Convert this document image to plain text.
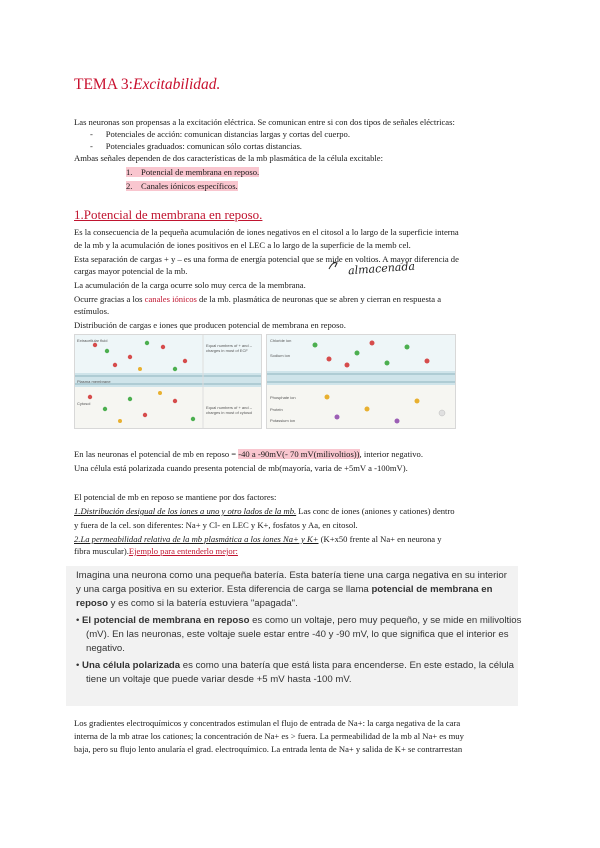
TEMA 3:Excitabilidad.
Las neuronas son propensas a la excitación eléctrica. Se comunican entre si con dos tipos de señales eléctricas:
-      Potenciales de acción: comunican distancias largas y cortas del cuerpo.
-      Potenciales graduados: comunican sólo cortas distancias.
Ambas señales dependen de dos características de la mb plasmática de la célula excitable:
1.    Potencial de membrana en reposo.
2.    Canales iónicos específicos.
1.Potencial de membrana en reposo.
Es la consecuencia de la pequeña acumulación de iones negativos en el citosol a lo largo de la superficie interna
de la mb y la acumulación de iones positivos en el LEC a lo largo de la superficie de la memb cel.
Esta separación de cargas + y – es una forma de energía potencial que se mide en voltios. A mayor diferencia de
cargas mayor potencial de la mb.	almacenada
La acumulación de la carga ocurre solo muy cerca de la membrana.
Ocurre gracias a los canales iónicos de la mb. plasmática de neuronas que se abren y cierran en respuesta a
estímulos.
Distribución de cargas e iones que producen potencial de membrana en reposo.
Extracellular fluid
Plasma membrane
Cytosol
Equal numbers of + and – charges in most of ECF
Equal numbers of + and – charges in most of cytosol
Chloride ion
Sodium ion
Phosphate ion
Protein
Potassium ion
En las neuronas el potencial de mb en reposo = -40 a -90mV(- 70 mV(milivoltios)), interior negativo.
Una célula está polarizada cuando presenta potencial de mb(mayoría, varia de +5mV a -100mV).
El potencial de mb en reposo se mantiene por dos factores:
1.Distribución desigual de los iones a uno y otro lados de la mb. Las conc de iones (aniones y cationes) dentro
y fuera de la cel. son diferentes: Na+ y Cl- en LEC y K+, fosfatos y Aa, en citosol.
2.La permeabilidad relativa de la mb plasmática a los iones Na+ y K+ (K+x50 frente al Na+ en neurona y
fibra muscular).Ejemplo para entenderlo mejor:

Imagina una neurona como una pequeña batería. Esta batería tiene una carga negativa en su interior y una carga positiva en su exterior. Esta diferencia de carga se llama potencial de membrana en reposo y es como si la batería estuviera "apagada".

• El potencial de membrana en reposo es como un voltaje, pero muy pequeño, y se mide en milivoltios (mV). En las neuronas, este voltaje suele estar entre -40 y -90 mV, lo que significa que el interior es negativo.

• Una célula polarizada es como una batería que está lista para encenderse. En este estado, la célula tiene un voltaje que puede variar desde +5 mV hasta -100 mV.

Los gradientes electroquímicos y concentrados estimulan el flujo de entrada de Na+: la carga negativa de la cara
interna de la mb atrae los cationes; la concentración de Na+ es > fuera. La permeabilidad de la mb al Na+ es muy
baja, pero su flujo lento anularía el grad. electroquímico. La entrada lenta de Na+ y salida de K+ se contrarrestan
